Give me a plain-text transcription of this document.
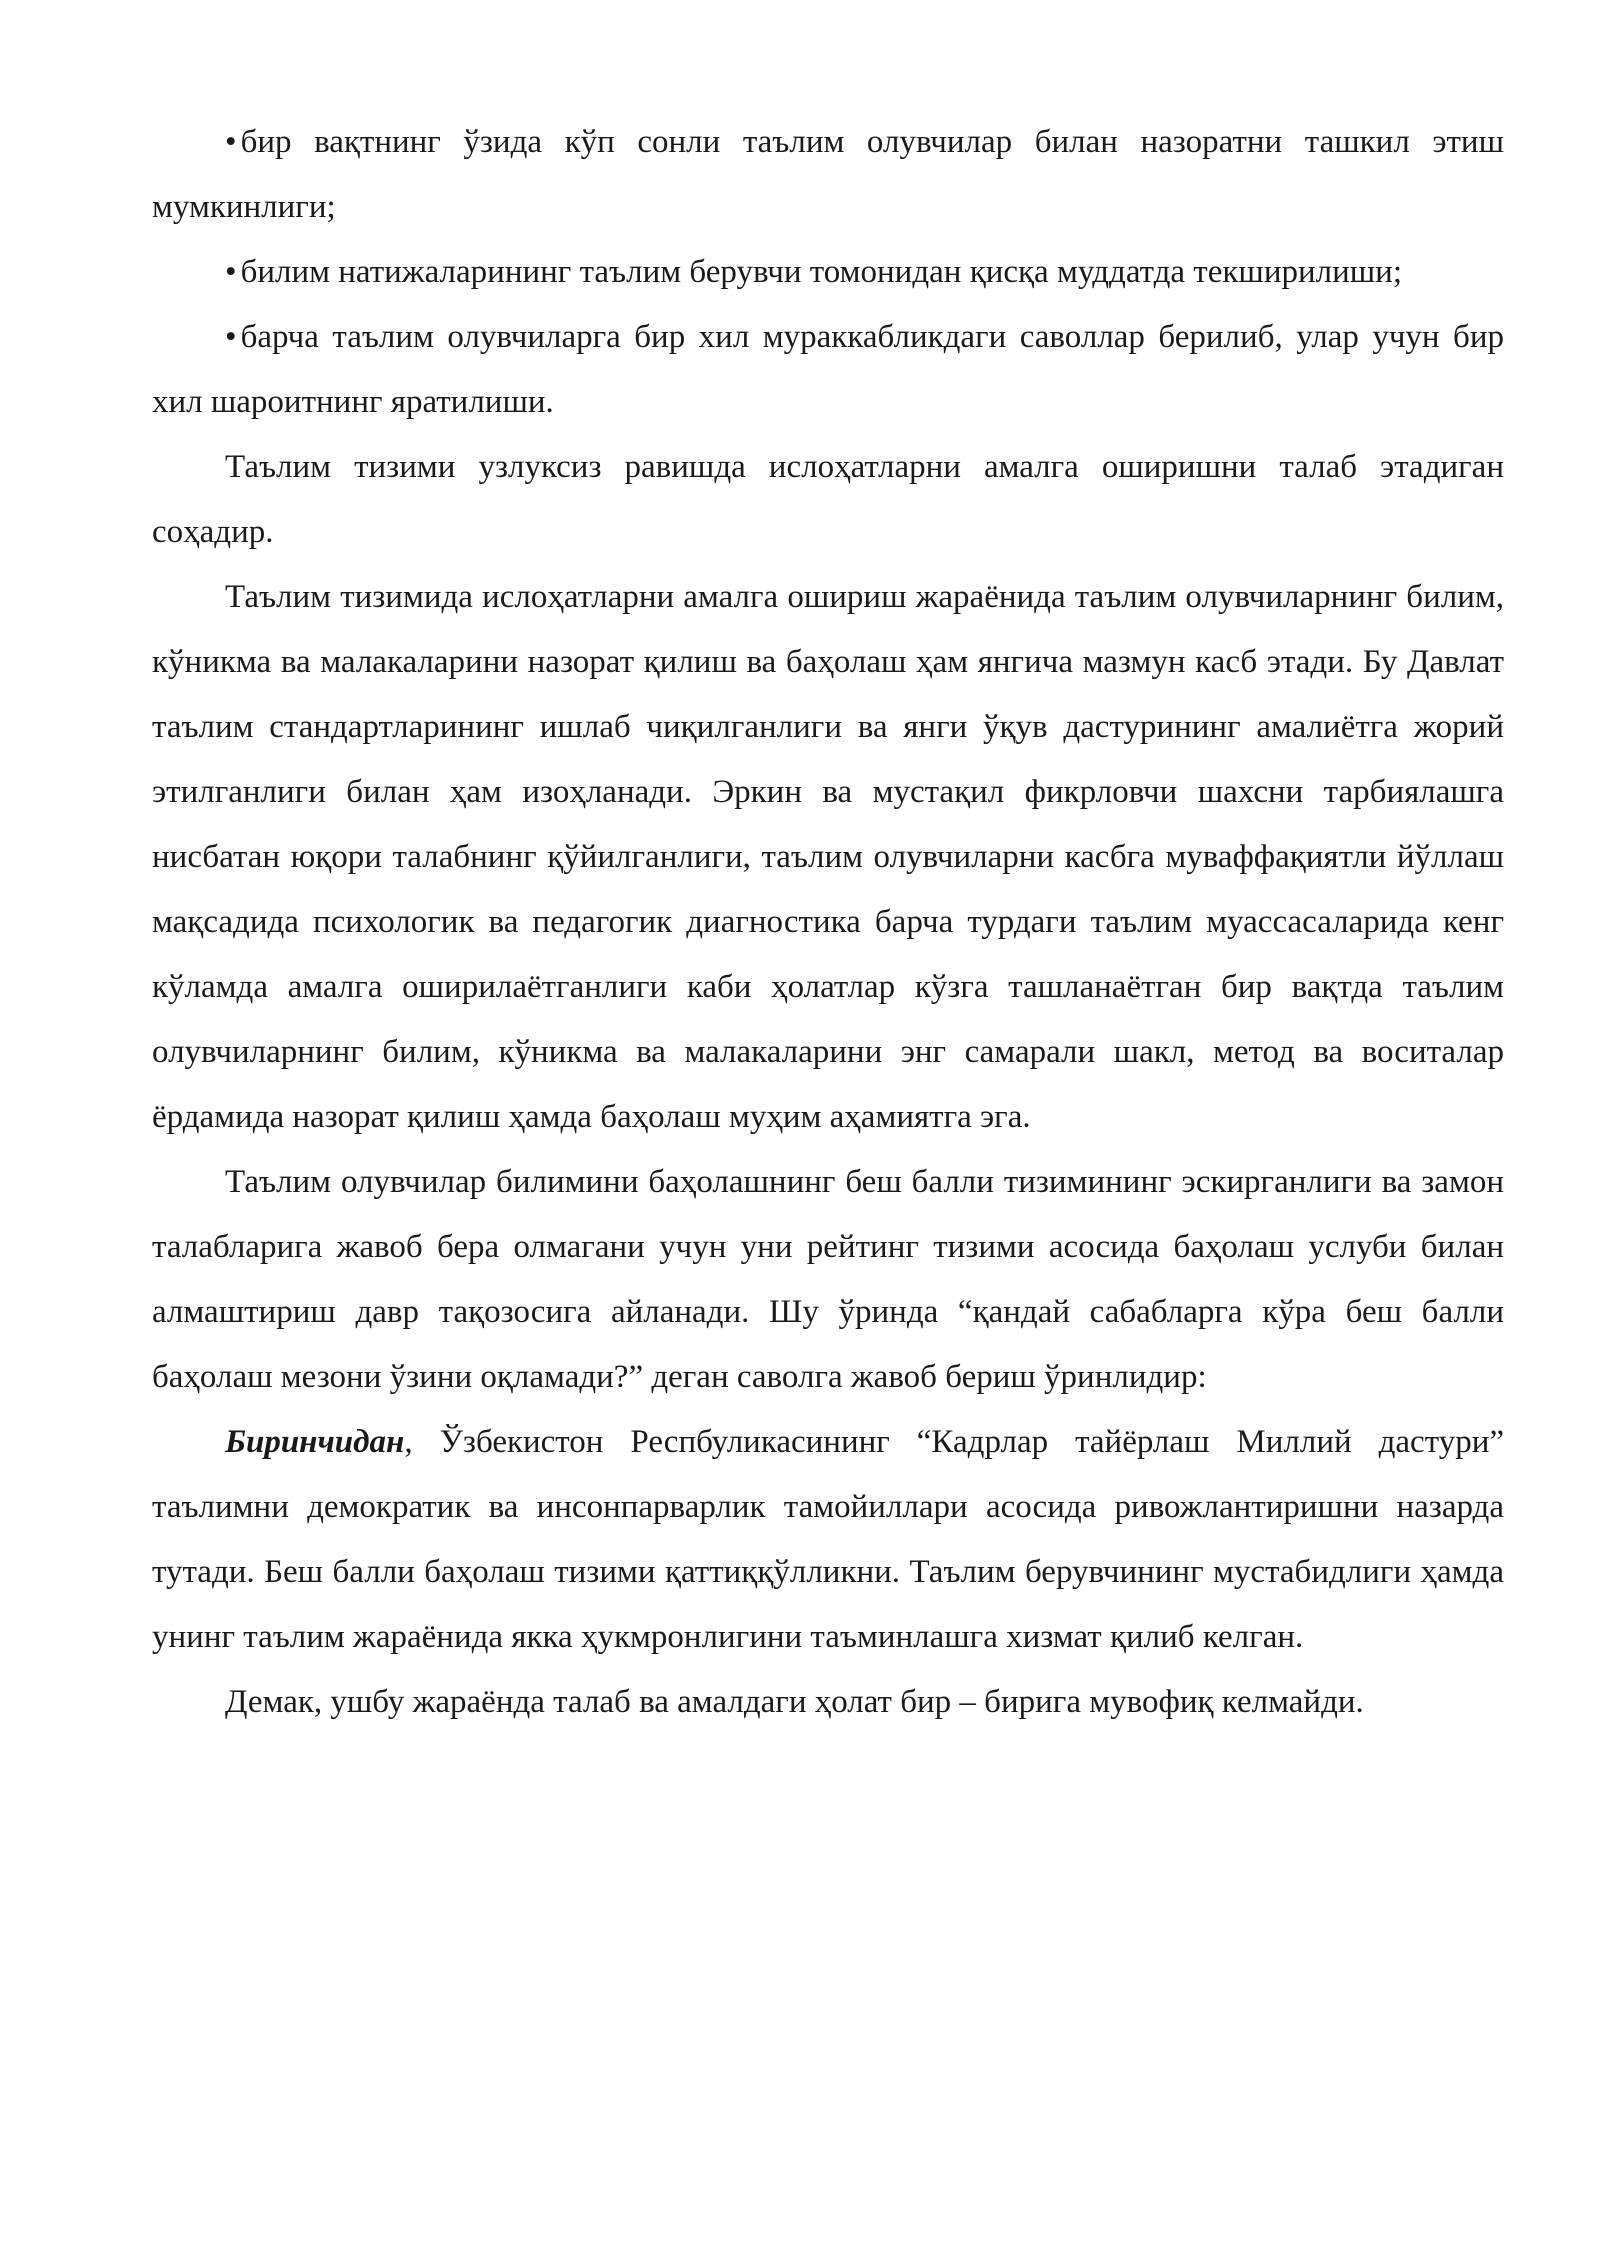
• бир вақтнинг ўзида кўп сонли таълим олувчилар билан назоратни ташкил этиш мумкинлиги;

• билим натижаларининг таълим берувчи томонидан қисқа муддатда текширилиши;

• барча таълим олувчиларга бир хил мураккабликдаги саволлар берилиб, улар учун бир хил шароитнинг яратилиши.

Таълим тизими узлуксиз равишда ислоҳатларни амалга оширишни талаб этадиган соҳадир.

Таълим тизимида ислоҳатларни амалга ошириш жараёнида таълим олувчиларнинг билим, кўникма ва малакаларини назорат қилиш ва баҳолаш ҳам янгича мазмун касб этади. Бу Давлат таълим стандартларининг ишлаб чиқилганлиги ва янги ўқув дастурининг амалиётга жорий этилганлиги билан ҳам изоҳланади. Эркин ва мустақил фикрловчи шахсни тарбиялашга нисбатан юқори талабнинг қўйилганлиги, таълим олувчиларни касбга муваффақиятли йўллаш мақсадида психологик ва педагогик диагностика барча турдаги таълим муассасаларида кенг кўламда амалга оширилаётганлиги каби ҳолатлар кўзга ташланаётган бир вақтда таълим олувчиларнинг билим, кўникма ва малакаларини энг самарали шакл, метод ва воситалар ёрдамида назорат қилиш ҳамда баҳолаш муҳим аҳамиятга эга.

Таълим олувчилар билимини баҳолашнинг беш балли тизимининг эскирганлиги ва замон талабларига жавоб бера олмагани учун уни рейтинг тизими асосида баҳолаш услуби билан алмаштириш давр тақозосига айланади. Шу ўринда “қандай сабабларга кўра беш балли баҳолаш мезони ўзини оқламади?” деган саволга жавоб бериш ўринлидир:

Биринчидан, Ўзбекистон Респбуликасининг “Кадрлар тайёрлаш Миллий дастури” таълимни демократик ва инсонпарварлик тамойиллари асосида ривожлантиришни назарда тутади. Беш балли баҳолаш тизими қаттиққўлликни. Таълим берувчининг мустабидлиги ҳамда унинг таълим жараёнида якка ҳукмронлигини таъминлашга хизмат қилиб келган.

Демак, ушбу жараёнда талаб ва амалдаги ҳолат бир – бирига мувофиқ келмайди.
